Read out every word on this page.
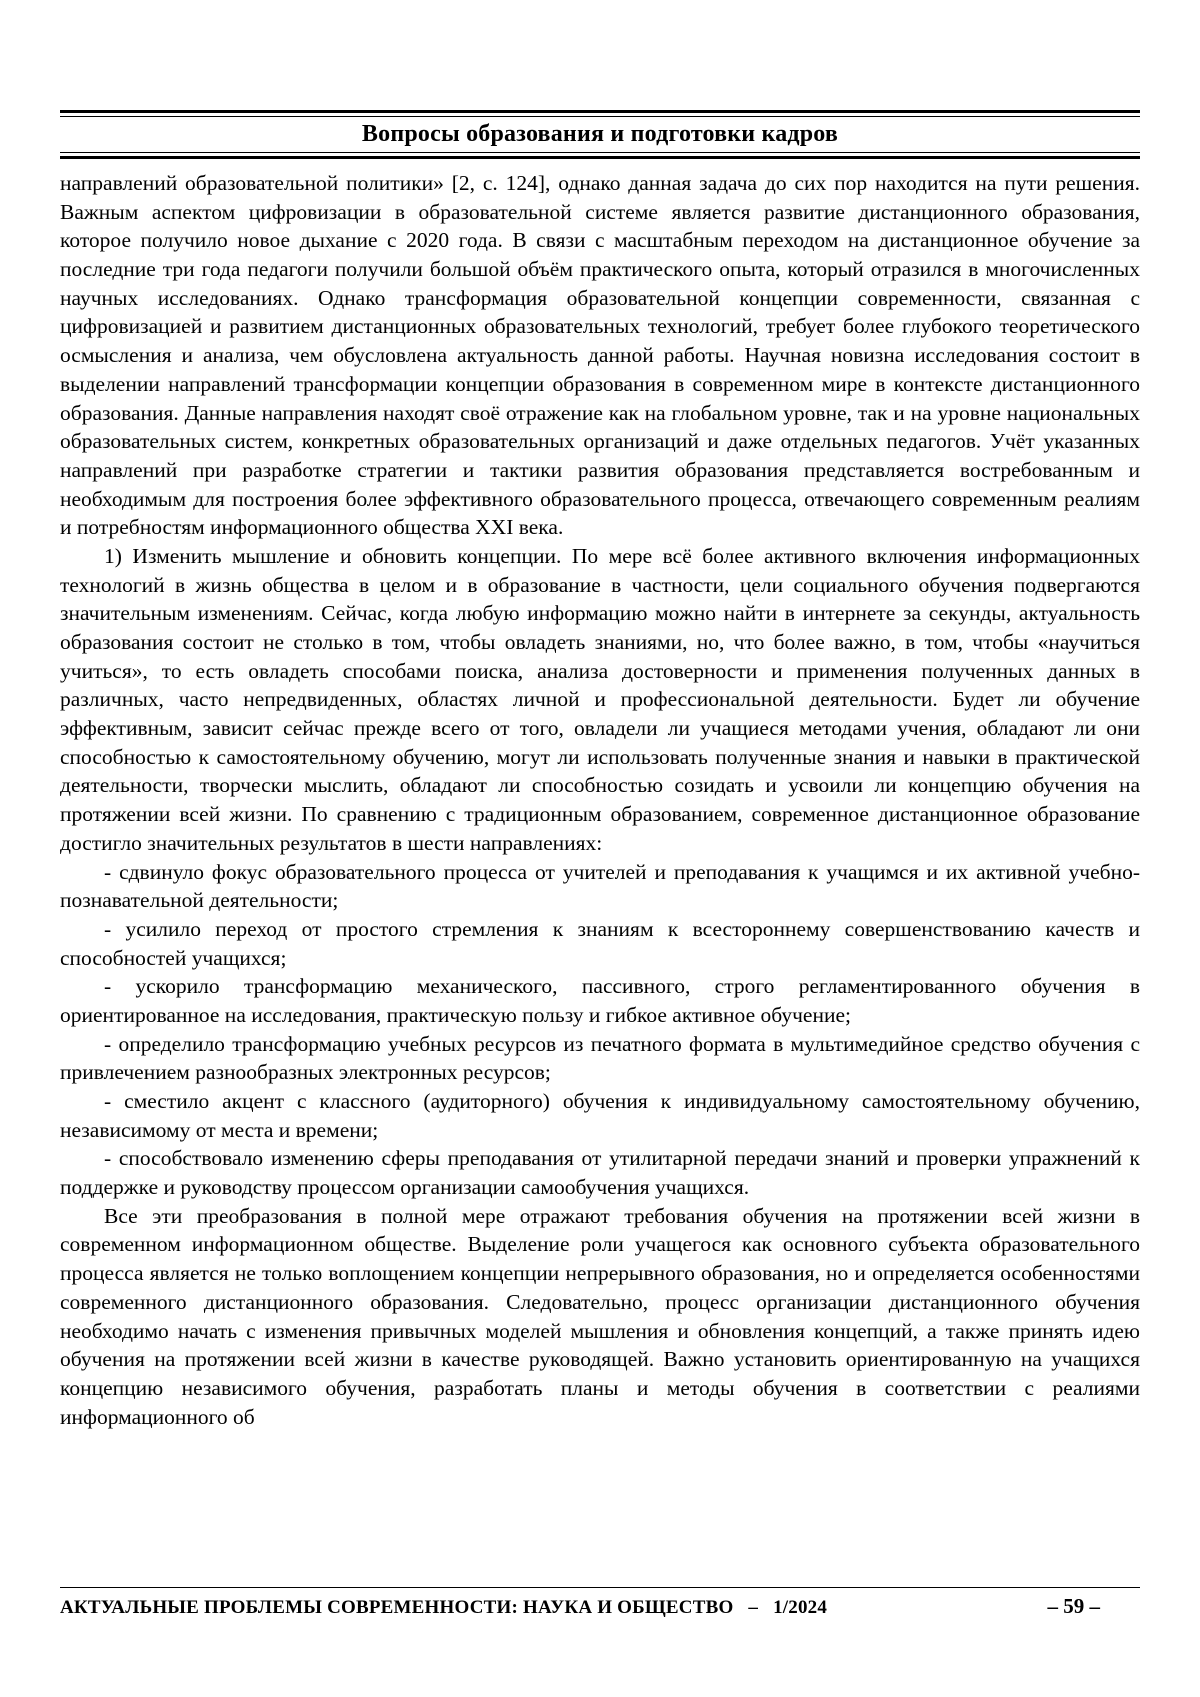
Вопросы образования и подготовки кадров

направлений образовательной политики» [2, с. 124], однако данная задача до сих пор находится на пути решения. Важным аспектом цифровизации в образовательной системе является развитие дистанционного образования, которое получило новое дыхание с 2020 года. В связи с масштабным переходом на дистанционное обучение за последние три года педагоги получили большой объём практического опыта, который отразился в многочисленных научных исследованиях. Однако трансформация образовательной концепции современности, связанная с цифровизацией и развитием дистанционных образовательных технологий, требует более глубокого теоретического осмысления и анализа, чем обусловлена актуальность данной работы. Научная новизна исследования состоит в выделении направлений трансформации концепции образования в современном мире в контексте дистанционного образования. Данные направления находят своё отражение как на глобальном уровне, так и на уровне национальных образовательных систем, конкретных образовательных организаций и даже отдельных педагогов. Учёт указанных направлений при разработке стратегии и тактики развития образования представляется востребованным и необходимым для построения более эффективного образовательного процесса, отвечающего современным реалиям и потребностям информационного общества XXI века.

1) Изменить мышление и обновить концепции. По мере всё более активного включения информационных технологий в жизнь общества в целом и в образование в частности, цели социального обучения подвергаются значительным изменениям. Сейчас, когда любую информацию можно найти в интернете за секунды, актуальность образования состоит не столько в том, чтобы овладеть знаниями, но, что более важно, в том, чтобы «научиться учиться», то есть овладеть способами поиска, анализа достоверности и применения полученных данных в различных, часто непредвиденных, областях личной и профессиональной деятельности. Будет ли обучение эффективным, зависит сейчас прежде всего от того, овладели ли учащиеся методами учения, обладают ли они способностью к самостоятельному обучению, могут ли использовать полученные знания и навыки в практической деятельности, творчески мыслить, обладают ли способностью созидать и усвоили ли концепцию обучения на протяжении всей жизни. По сравнению с традиционным образованием, современное дистанционное образование достигло значительных результатов в шести направлениях:

- сдвинуло фокус образовательного процесса от учителей и преподавания к учащимся и их активной учебно-познавательной деятельности;

- усилило переход от простого стремления к знаниям к всестороннему совершенствованию качеств и способностей учащихся;

- ускорило трансформацию механического, пассивного, строго регламентированного обучения в ориентированное на исследования, практическую пользу и гибкое активное обучение;

- определило трансформацию учебных ресурсов из печатного формата в мультимедийное средство обучения с привлечением разнообразных электронных ресурсов;

- сместило акцент с классного (аудиторного) обучения к индивидуальному самостоятельному обучению, независимому от места и времени;

- способствовало изменению сферы преподавания от утилитарной передачи знаний и проверки упражнений к поддержке и руководству процессом организации самообучения учащихся.

Все эти преобразования в полной мере отражают требования обучения на протяжении всей жизни в современном информационном обществе. Выделение роли учащегося как основного субъекта образовательного процесса является не только воплощением концепции непрерывного образования, но и определяется особенностями современного дистанционного образования. Следовательно, процесс организации дистанционного обучения необходимо начать с изменения привычных моделей мышления и обновления концепций, а также принять идею обучения на протяжении всей жизни в качестве руководящей. Важно установить ориентированную на учащихся концепцию независимого обучения, разработать планы и методы обучения в соответствии с реалиями информационного об

АКТУАЛЬНЫЕ ПРОБЛЕМЫ СОВРЕМЕННОСТИ: НАУКА И ОБЩЕСТВО – 1/2024	– 59 –
